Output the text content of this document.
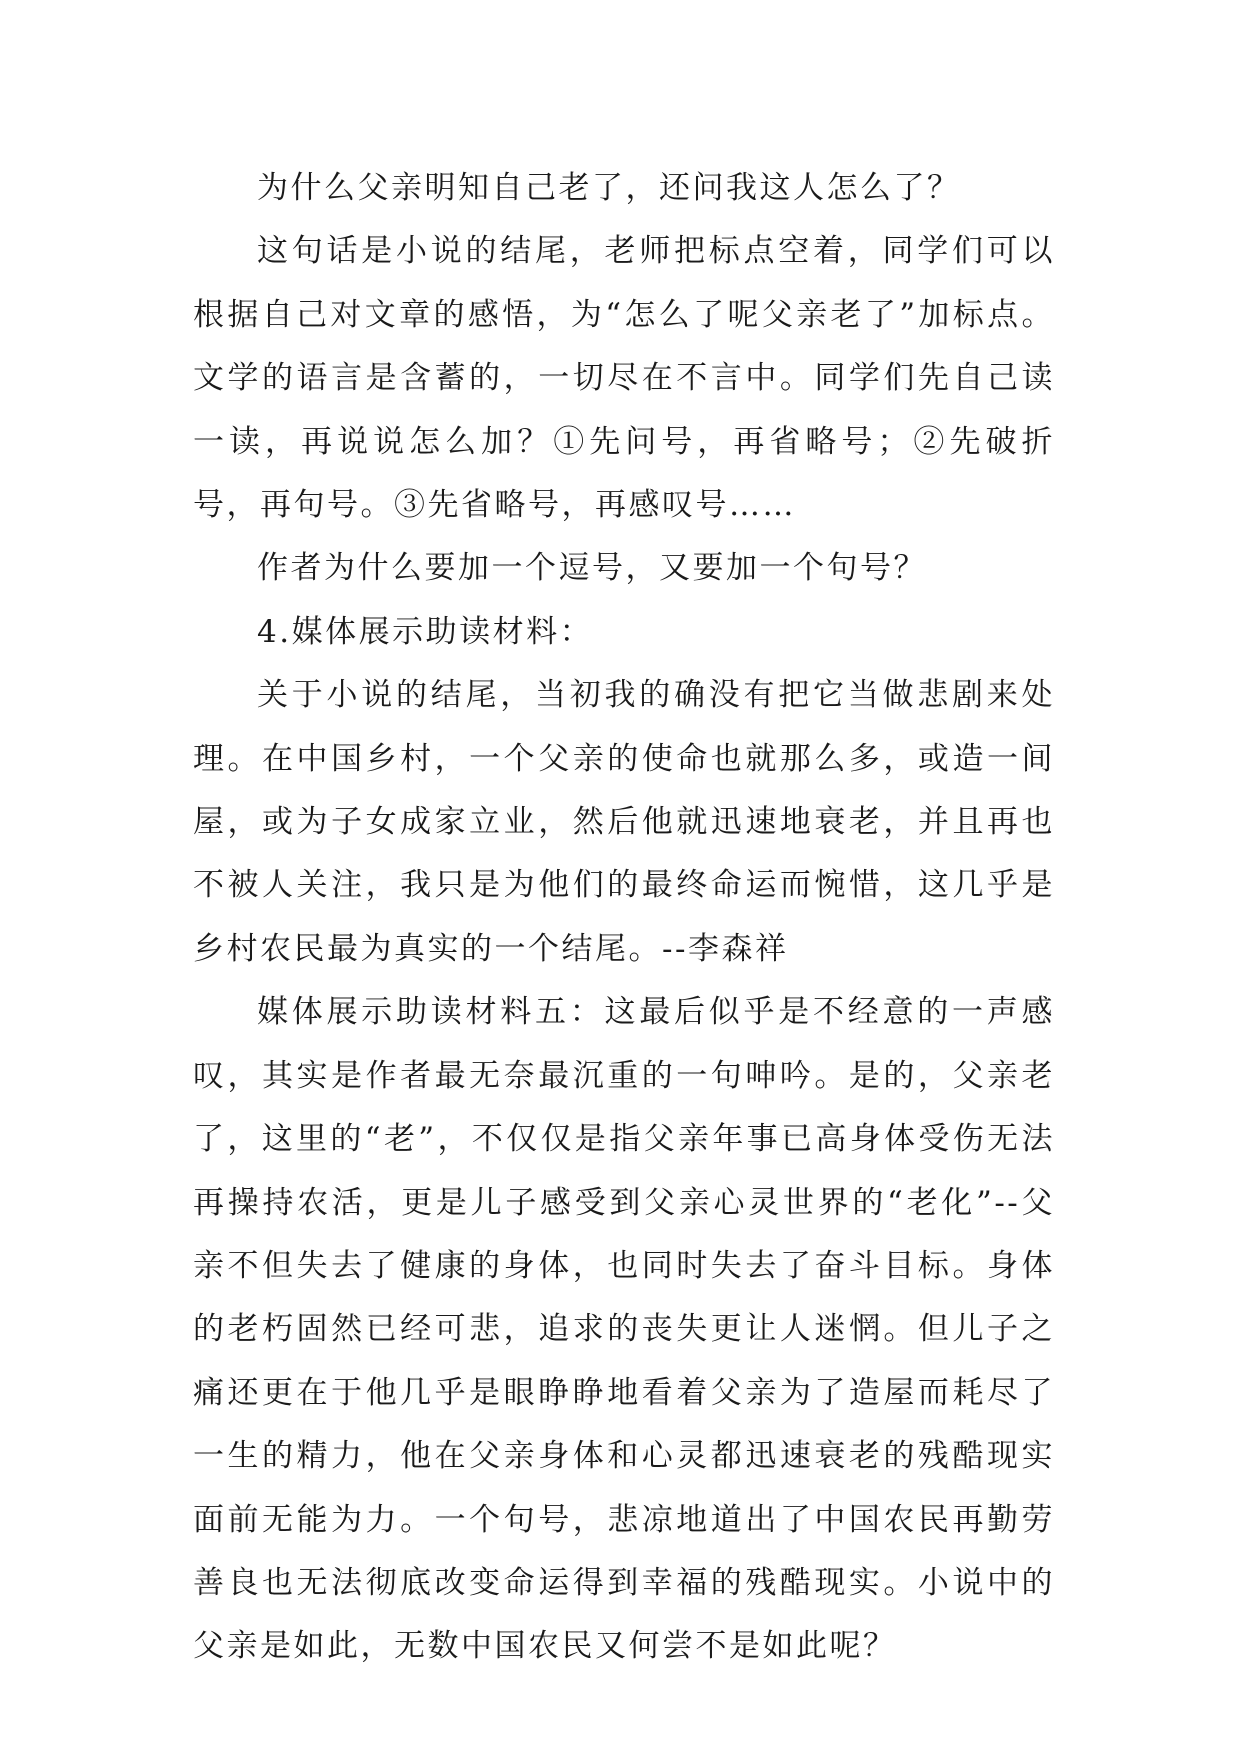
为什么父亲明知自己老了，还问我这人怎么了？

这句话是小说的结尾，老师把标点空着，同学们可以根据自己对文章的感悟，为“怎么了呢父亲老了”加标点。文学的语言是含蓄的，一切尽在不言中。同学们先自己读一读，再说说怎么加？①先问号，再省略号；②先破折号，再句号。③先省略号，再感叹号……

作者为什么要加一个逗号，又要加一个句号？

4.媒体展示助读材料：

关于小说的结尾，当初我的确没有把它当做悲剧来处理。在中国乡村，一个父亲的使命也就那么多，或造一间屋，或为子女成家立业，然后他就迅速地衰老，并且再也不被人关注，我只是为他们的最终命运而惋惜，这几乎是乡村农民最为真实的一个结尾。--李森祥

媒体展示助读材料五：这最后似乎是不经意的一声感叹，其实是作者最无奈最沉重的一句呻吟。是的，父亲老了，这里的“老”，不仅仅是指父亲年事已高身体受伤无法再操持农活，更是儿子感受到父亲心灵世界的“老化”--父亲不但失去了健康的身体，也同时失去了奋斗目标。身体的老朽固然已经可悲，追求的丧失更让人迷惘。但儿子之痛还更在于他几乎是眼睁睁地看着父亲为了造屋而耗尽了一生的精力，他在父亲身体和心灵都迅速衰老的残酷现实面前无能为力。一个句号，悲凉地道出了中国农民再勤劳善良也无法彻底改变命运得到幸福的残酷现实。小说中的父亲是如此，无数中国农民又何尝不是如此呢？
